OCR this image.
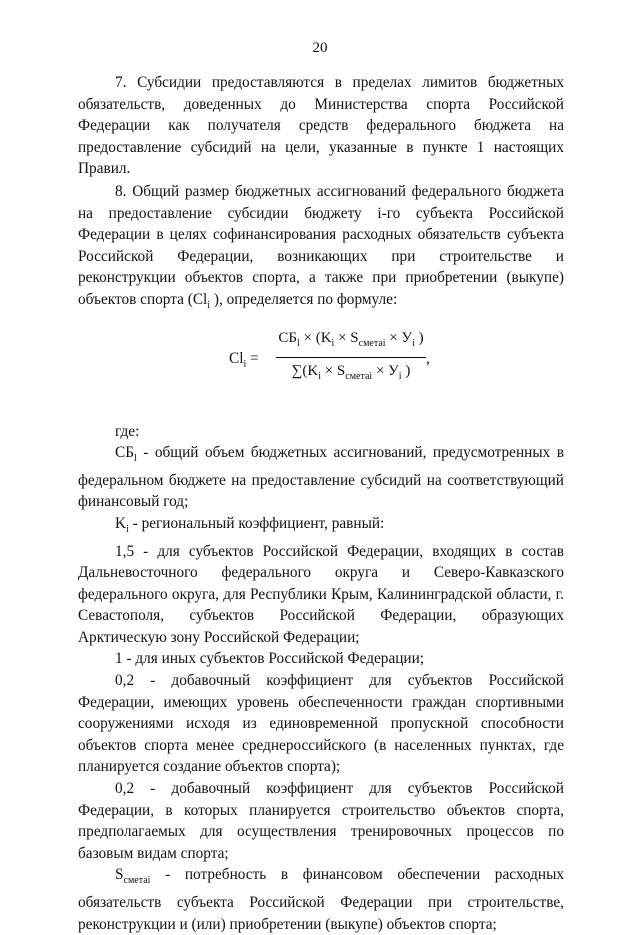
20

7. Субсидии предоставляются в пределах лимитов бюджетных обязательств, доведенных до Министерства спорта Российской Федерации как получателя средств федерального бюджета на предоставление субсидий на цели, указанные в пункте 1 настоящих Правил.

8. Общий размер бюджетных ассигнований федерального бюджета на предоставление субсидии бюджету i-го субъекта Российской Федерации в целях софинансирования расходных обязательств субъекта Российской Федерации, возникающих при строительстве и реконструкции объектов спорта, а также при приобретении (выкупе) объектов спорта ($Сl_i$ ), определяется по формуле:

$Сl_i$ =
$СБ_l \times (K_i \times S_{сметаi} \times У_i$ )
$\sum(K_i \times S_{сметаi} \times У_i$ )
,

где:

$СБ_l$ - общий объем бюджетных ассигнований, предусмотренных в федеральном бюджете на предоставление субсидий на соответствующий финансовый год;

$K_i$ - региональный коэффициент, равный:

1,5 - для субъектов Российской Федерации, входящих в состав Дальневосточного федерального округа и Северо-Кавказского федерального округа, для Республики Крым, Калининградской области, г. Севастополя, субъектов Российской Федерации, образующих Арктическую зону Российской Федерации;

1 - для иных субъектов Российской Федерации;

0,2 - добавочный коэффициент для субъектов Российской Федерации, имеющих уровень обеспеченности граждан спортивными сооружениями исходя из единовременной пропускной способности объектов спорта менее среднероссийского (в населенных пунктах, где планируется создание объектов спорта);

0,2 - добавочный коэффициент для субъектов Российской Федерации, в которых планируется строительство объектов спорта, предполагаемых для осуществления тренировочных процессов по базовым видам спорта;

$S_{сметаi}$ - потребность в финансовом обеспечении расходных обязательств субъекта Российской Федерации при строительстве, реконструкции и (или) приобретении (выкупе) объектов спорта;
